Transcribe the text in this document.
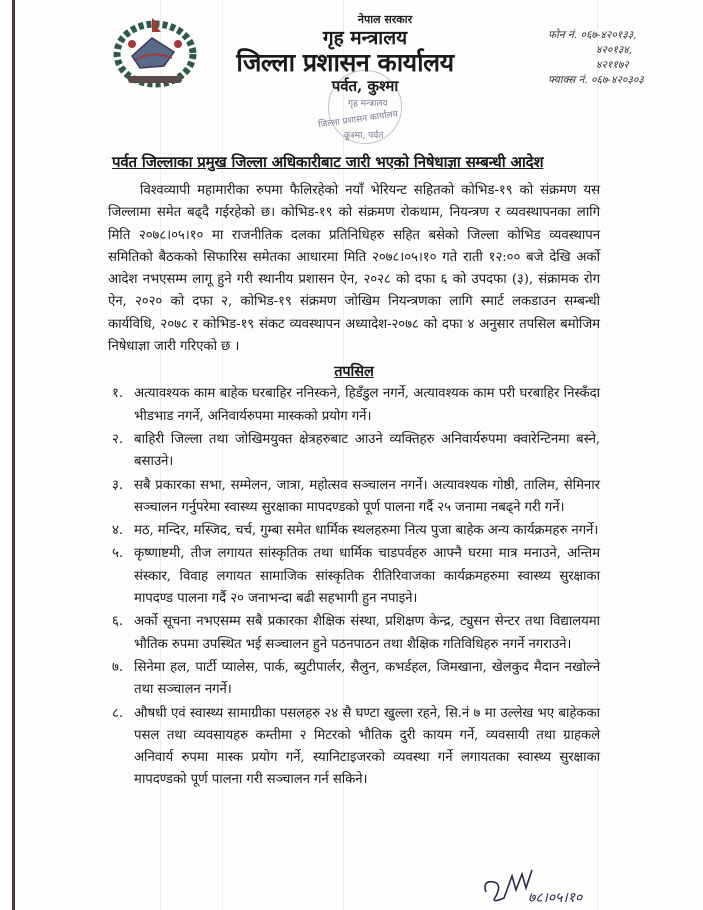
नेपाल सरकार
गृह मन्त्रालय
जिल्ला प्रशासन कार्यालय
पर्वत, कुश्मा
गृह मन्त्रालय
जिल्ला प्रशासन कार्यालय
कुश्मा, पर्वत
फोन नं. ०६७-४२०१३३,
४२०१३४,
४२११७२
फ्याक्स नं. ०६७-४२०३०३
पर्वत जिल्लाका प्रमुख जिल्ला अधिकारीबाट जारी भएको निषेधाज्ञा सम्बन्धी आदेश
विश्वव्यापी महामारीका रुपमा फैलिरहेको नयाँ भेरियन्ट सहितको कोभिड-१९ को संक्रमण यस जिल्लामा समेत बढ्दै गईरहेको छ। कोभिड-१९ को संक्रमण रोकथाम, नियन्त्रण र व्यवस्थापनका लागि मिति २०७८।०५।१० मा राजनीतिक दलका प्रतिनिधिहरु सहित बसेको जिल्ला कोभिड व्यवस्थापन समितिको बैठकको सिफारिस समेतका आधारमा मिति २०७८।०५।१० गते राती १२:०० बजे देखि अर्को आदेश नभएसम्म लागू हुने गरी स्थानीय प्रशासन ऐन, २०२८ को दफा ६ को उपदफा (३), संक्रामक रोग ऐन, २०२० को दफा २, कोभिड-१९ संक्रमण जोखिम नियन्त्रणका लागि स्मार्ट लकडाउन सम्बन्धी कार्यविधि, २०७८ र कोभिड-१९ संकट व्यवस्थापन अध्यादेश-२०७८ को दफा ४ अनुसार तपसिल बमोजिम निषेधाज्ञा जारी गरिएको छ ।
तपसिल
१. अत्यावश्यक काम बाहेक घरबाहिर ननिस्कने, हिडँडुल नगर्ने, अत्यावश्यक काम परी घरबाहिर निस्कँदा भीडभाड नगर्ने, अनिवार्यरुपमा मास्कको प्रयोग गर्ने।
२. बाहिरी जिल्ला तथा जोखिमयुक्त क्षेत्रहरुबाट आउने व्यक्तिहरु अनिवार्यरुपमा क्वारेन्टिनमा बस्ने, बसाउने।
३. सबै प्रकारका सभा, सम्मेलन, जात्रा, महोत्सव सञ्चालन नगर्ने। अत्यावश्यक गोष्ठी, तालिम, सेमिनार सञ्चालन गर्नुपरेमा स्वास्थ्य सुरक्षाका मापदण्डको पूर्ण पालना गर्दै २५ जनामा नबढ्ने गरी गर्ने।
४. मठ, मन्दिर, मस्जिद, चर्च, गुम्बा समेत धार्मिक स्थलहरुमा नित्य पुजा बाहेक अन्य कार्यक्रमहरु नगर्ने।
५. कृष्णाष्टमी, तीज लगायत सांस्कृतिक तथा धार्मिक चाडपर्वहरु आफ्नै घरमा मात्र मनाउने, अन्तिम संस्कार, विवाह लगायत सामाजिक सांस्कृतिक रीतिरिवाजका कार्यक्रमहरुमा स्वास्थ्य सुरक्षाका मापदण्ड पालना गर्दै २० जनाभन्दा बढी सहभागी हुन नपाइने।
६. अर्को सूचना नभएसम्म सबै प्रकारका शैक्षिक संस्था, प्रशिक्षण केन्द्र, ट्युसन सेन्टर तथा विद्यालयमा भौतिक रुपमा उपस्थित भई सञ्चालन हुने पठनपाठन तथा शैक्षिक गतिविधिहरु नगर्ने नगराउने।
७. सिनेमा हल, पार्टी प्यालेस, पार्क, ब्युटीपार्लर, सैलुन, कभर्डहल, जिमखाना, खेलकुद मैदान नखोल्ने तथा सञ्चालन नगर्ने।
८. औषधी एवं स्वास्थ्य सामाग्रीका पसलहरु २४ सै घण्टा खुल्ला रहने, सि.नं ७ मा उल्लेख भए बाहेकका पसल तथा व्यवसायहरु कम्तीमा २ मिटरको भौतिक दुरी कायम गर्ने, व्यवसायी तथा ग्राहकले अनिवार्य रुपमा मास्क प्रयोग गर्ने, स्यानिटाइजरको व्यवस्था गर्ने लगायतका स्वास्थ्य सुरक्षाका मापदण्डको पूर्ण पालना गरी सञ्चालन गर्न सकिने।
७८।०५।१०
